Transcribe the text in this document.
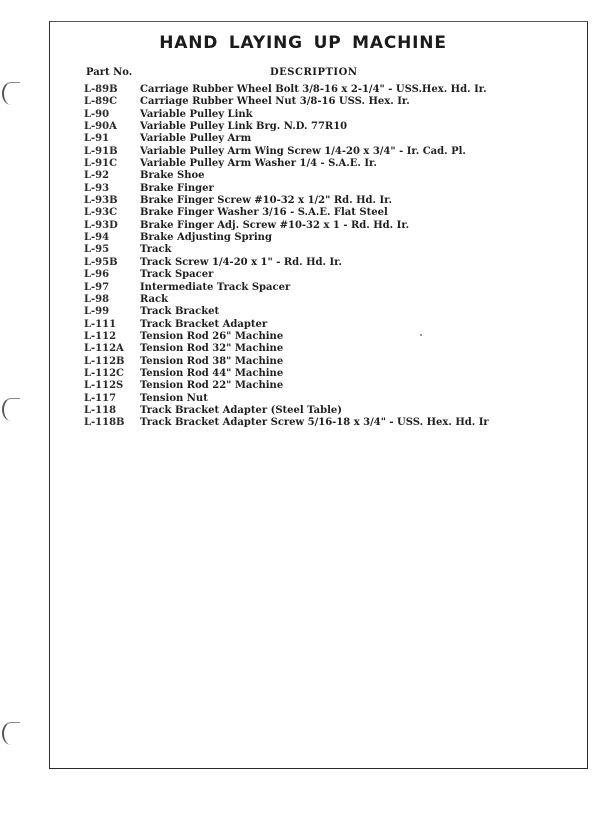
HAND LAYING UP MACHINE
Part No.	DESCRIPTION
L-89B Carriage Rubber Wheel Bolt 3/8-16 x 2-1/4" - USS.Hex. Hd. Ir.
L-89C Carriage Rubber Wheel Nut 3/8-16 USS. Hex. Ir.
L-90	Variable Pulley Link
L-90A Variable Pulley Link Brg. N.D. 77R10
L-91	Variable Pulley Arm
L-91B Variable Pulley Arm Wing Screw 1/4-20 x 3/4" - Ir. Cad. Pl.
L-91C Variable Pulley Arm Washer 1/4 - S.A.E. Ir.
L-92	Brake Shoe
L-93	Brake Finger
L-93B Brake Finger Screw #10-32 x 1/2" Rd. Hd. Ir.
L-93C Brake Finger Washer 3/16 - S.A.E. Flat Steel
L-93D Brake Finger Adj. Screw #10-32 x 1 - Rd. Hd. Ir.
L-94	Brake Adjusting Spring
L-95	Track
L-95B Track Screw 1/4-20 x 1" - Rd. Hd. Ir.
L-96	Track Spacer
L-97	Intermediate Track Spacer
L-98	Rack
L-99	Track Bracket
L-111 Track Bracket Adapter
L-112 Tension Rod 26" Machine
L-112A Tension Rod 32" Machine
L-112B Tension Rod 38" Machine
L-112C Tension Rod 44" Machine
L-112S Tension Rod 22" Machine
L-117 Tension Nut
L-118 Track Bracket Adapter (Steel Table)
L-118B Track Bracket Adapter Screw 5/16-18 x 3/4" - USS. Hex. Hd. Ir
